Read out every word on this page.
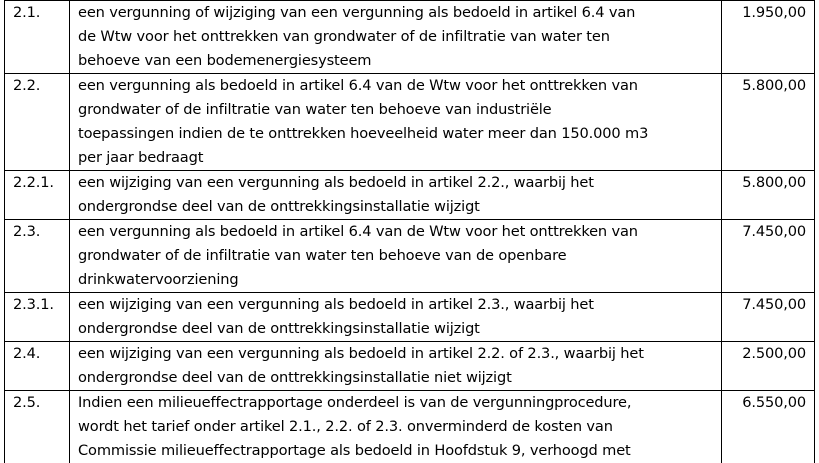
2.1.	een vergunning of wijziging van een vergunning als bedoeld in artikel 6.4 van
de Wtw voor het onttrekken van grondwater of de infiltratie van water ten
behoeve van een bodemenergiesysteem	1.950,00
2.2.	een vergunning als bedoeld in artikel 6.4 van de Wtw voor het onttrekken van
grondwater of de infiltratie van water ten behoeve van industriële
toepassingen indien de te onttrekken hoeveelheid water meer dan 150.000 m3
per jaar bedraagt	5.800,00
2.2.1.	een wijziging van een vergunning als bedoeld in artikel 2.2., waarbij het
ondergrondse deel van de onttrekkingsinstallatie wijzigt	5.800,00
2.3.	een vergunning als bedoeld in artikel 6.4 van de Wtw voor het onttrekken van
grondwater of de infiltratie van water ten behoeve van de openbare
drinkwatervoorziening	7.450,00
2.3.1.	een wijziging van een vergunning als bedoeld in artikel 2.3., waarbij het
ondergrondse deel van de onttrekkingsinstallatie wijzigt	7.450,00
2.4.	een wijziging van een vergunning als bedoeld in artikel 2.2. of 2.3., waarbij het
ondergrondse deel van de onttrekkingsinstallatie niet wijzigt	2.500,00
2.5.	Indien een milieueffectrapportage onderdeel is van de vergunningprocedure,
wordt het tarief onder artikel 2.1., 2.2. of 2.3. onverminderd de kosten van
Commissie milieueffectrapportage als bedoeld in Hoofdstuk 9, verhoogd met	6.550,00
